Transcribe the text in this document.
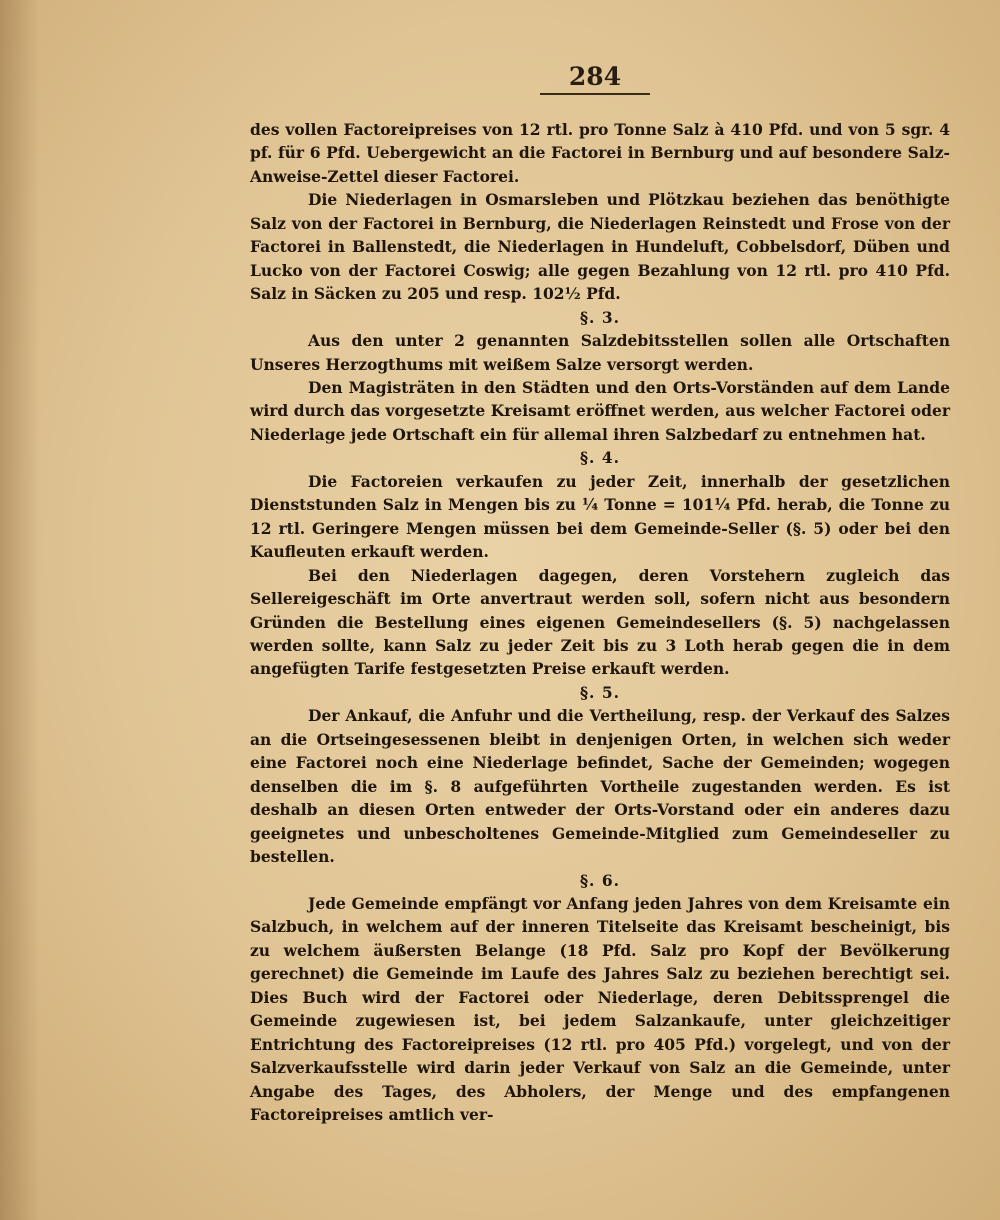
284

des vollen Factoreipreises von 12 rtl. pro Tonne Salz à 410 Pfd. und von 5 sgr. 4 pf. für 6 Pfd. Uebergewicht an die Factorei in Bernburg und auf besondere Salz-Anweise-Zettel dieser Factorei.

Die Niederlagen in Osmarsleben und Plötzkau beziehen das benöthigte Salz von der Factorei in Bernburg, die Niederlagen Reinstedt und Frose von der Factorei in Ballenstedt, die Niederlagen in Hundeluft, Cobbelsdorf, Düben und Lucko von der Factorei Coswig; alle gegen Bezahlung von 12 rtl. pro 410 Pfd. Salz in Säcken zu 205 und resp. 102½ Pfd.

§. 3.

Aus den unter 2 genannten Salzdebitsstellen sollen alle Ortschaften Unseres Herzogthums mit weißem Salze versorgt werden.

Den Magisträten in den Städten und den Orts-Vorständen auf dem Lande wird durch das vorgesetzte Kreisamt eröffnet werden, aus welcher Factorei oder Niederlage jede Ortschaft ein für allemal ihren Salzbedarf zu entnehmen hat.

§. 4.

Die Factoreien verkaufen zu jeder Zeit, innerhalb der gesetzlichen Dienststunden Salz in Mengen bis zu ¼ Tonne = 101¼ Pfd. herab, die Tonne zu 12 rtl. Geringere Mengen müssen bei dem Gemeinde-Seller (§. 5) oder bei den Kaufleuten erkauft werden.

Bei den Niederlagen dagegen, deren Vorstehern zugleich das Sellereigeschäft im Orte anvertraut werden soll, sofern nicht aus besondern Gründen die Bestellung eines eigenen Gemeindesellers (§. 5) nachgelassen werden sollte, kann Salz zu jeder Zeit bis zu 3 Loth herab gegen die in dem angefügten Tarife festgesetzten Preise erkauft werden.

§. 5.

Der Ankauf, die Anfuhr und die Vertheilung, resp. der Verkauf des Salzes an die Ortseingesessenen bleibt in denjenigen Orten, in welchen sich weder eine Factorei noch eine Niederlage befindet, Sache der Gemeinden; wogegen denselben die im §. 8 aufgeführten Vortheile zugestanden werden. Es ist deshalb an diesen Orten entweder der Orts-Vorstand oder ein anderes dazu geeignetes und unbescholtenes Gemeinde-Mitglied zum Gemeindeseller zu bestellen.

§. 6.

Jede Gemeinde empfängt vor Anfang jeden Jahres von dem Kreisamte ein Salzbuch, in welchem auf der inneren Titelseite das Kreisamt bescheinigt, bis zu welchem äußersten Belange (18 Pfd. Salz pro Kopf der Bevölkerung gerechnet) die Gemeinde im Laufe des Jahres Salz zu beziehen berechtigt sei. Dies Buch wird der Factorei oder Niederlage, deren Debitssprengel die Gemeinde zugewiesen ist, bei jedem Salzankaufe, unter gleichzeitiger Entrichtung des Factoreipreises (12 rtl. pro 405 Pfd.) vorgelegt, und von der Salzverkaufsstelle wird darin jeder Verkauf von Salz an die Gemeinde, unter Angabe des Tages, des Abholers, der Menge und des empfangenen Factoreipreises amtlich ver-
